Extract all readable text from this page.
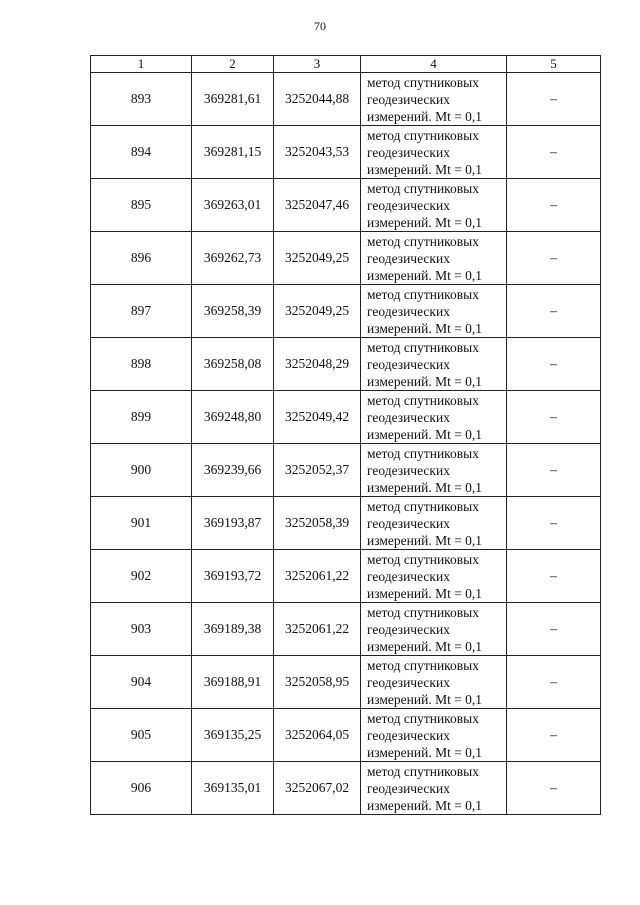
70
1	2	3	4	5
893	369281,61	3252044,88	метод спутниковых
геодезических
измерений. Mt = 0,1	–
894	369281,15	3252043,53	метод спутниковых
геодезических
измерений. Mt = 0,1	–
895	369263,01	3252047,46	метод спутниковых
геодезических
измерений. Mt = 0,1	–
896	369262,73	3252049,25	метод спутниковых
геодезических
измерений. Mt = 0,1	–
897	369258,39	3252049,25	метод спутниковых
геодезических
измерений. Mt = 0,1	–
898	369258,08	3252048,29	метод спутниковых
геодезических
измерений. Mt = 0,1	–
899	369248,80	3252049,42	метод спутниковых
геодезических
измерений. Mt = 0,1	–
900	369239,66	3252052,37	метод спутниковых
геодезических
измерений. Mt = 0,1	–
901	369193,87	3252058,39	метод спутниковых
геодезических
измерений. Mt = 0,1	–
902	369193,72	3252061,22	метод спутниковых
геодезических
измерений. Mt = 0,1	–
903	369189,38	3252061,22	метод спутниковых
геодезических
измерений. Mt = 0,1	–
904	369188,91	3252058,95	метод спутниковых
геодезических
измерений. Mt = 0,1	–
905	369135,25	3252064,05	метод спутниковых
геодезических
измерений. Mt = 0,1	–
906	369135,01	3252067,02	метод спутниковых
геодезических
измерений. Mt = 0,1	–
